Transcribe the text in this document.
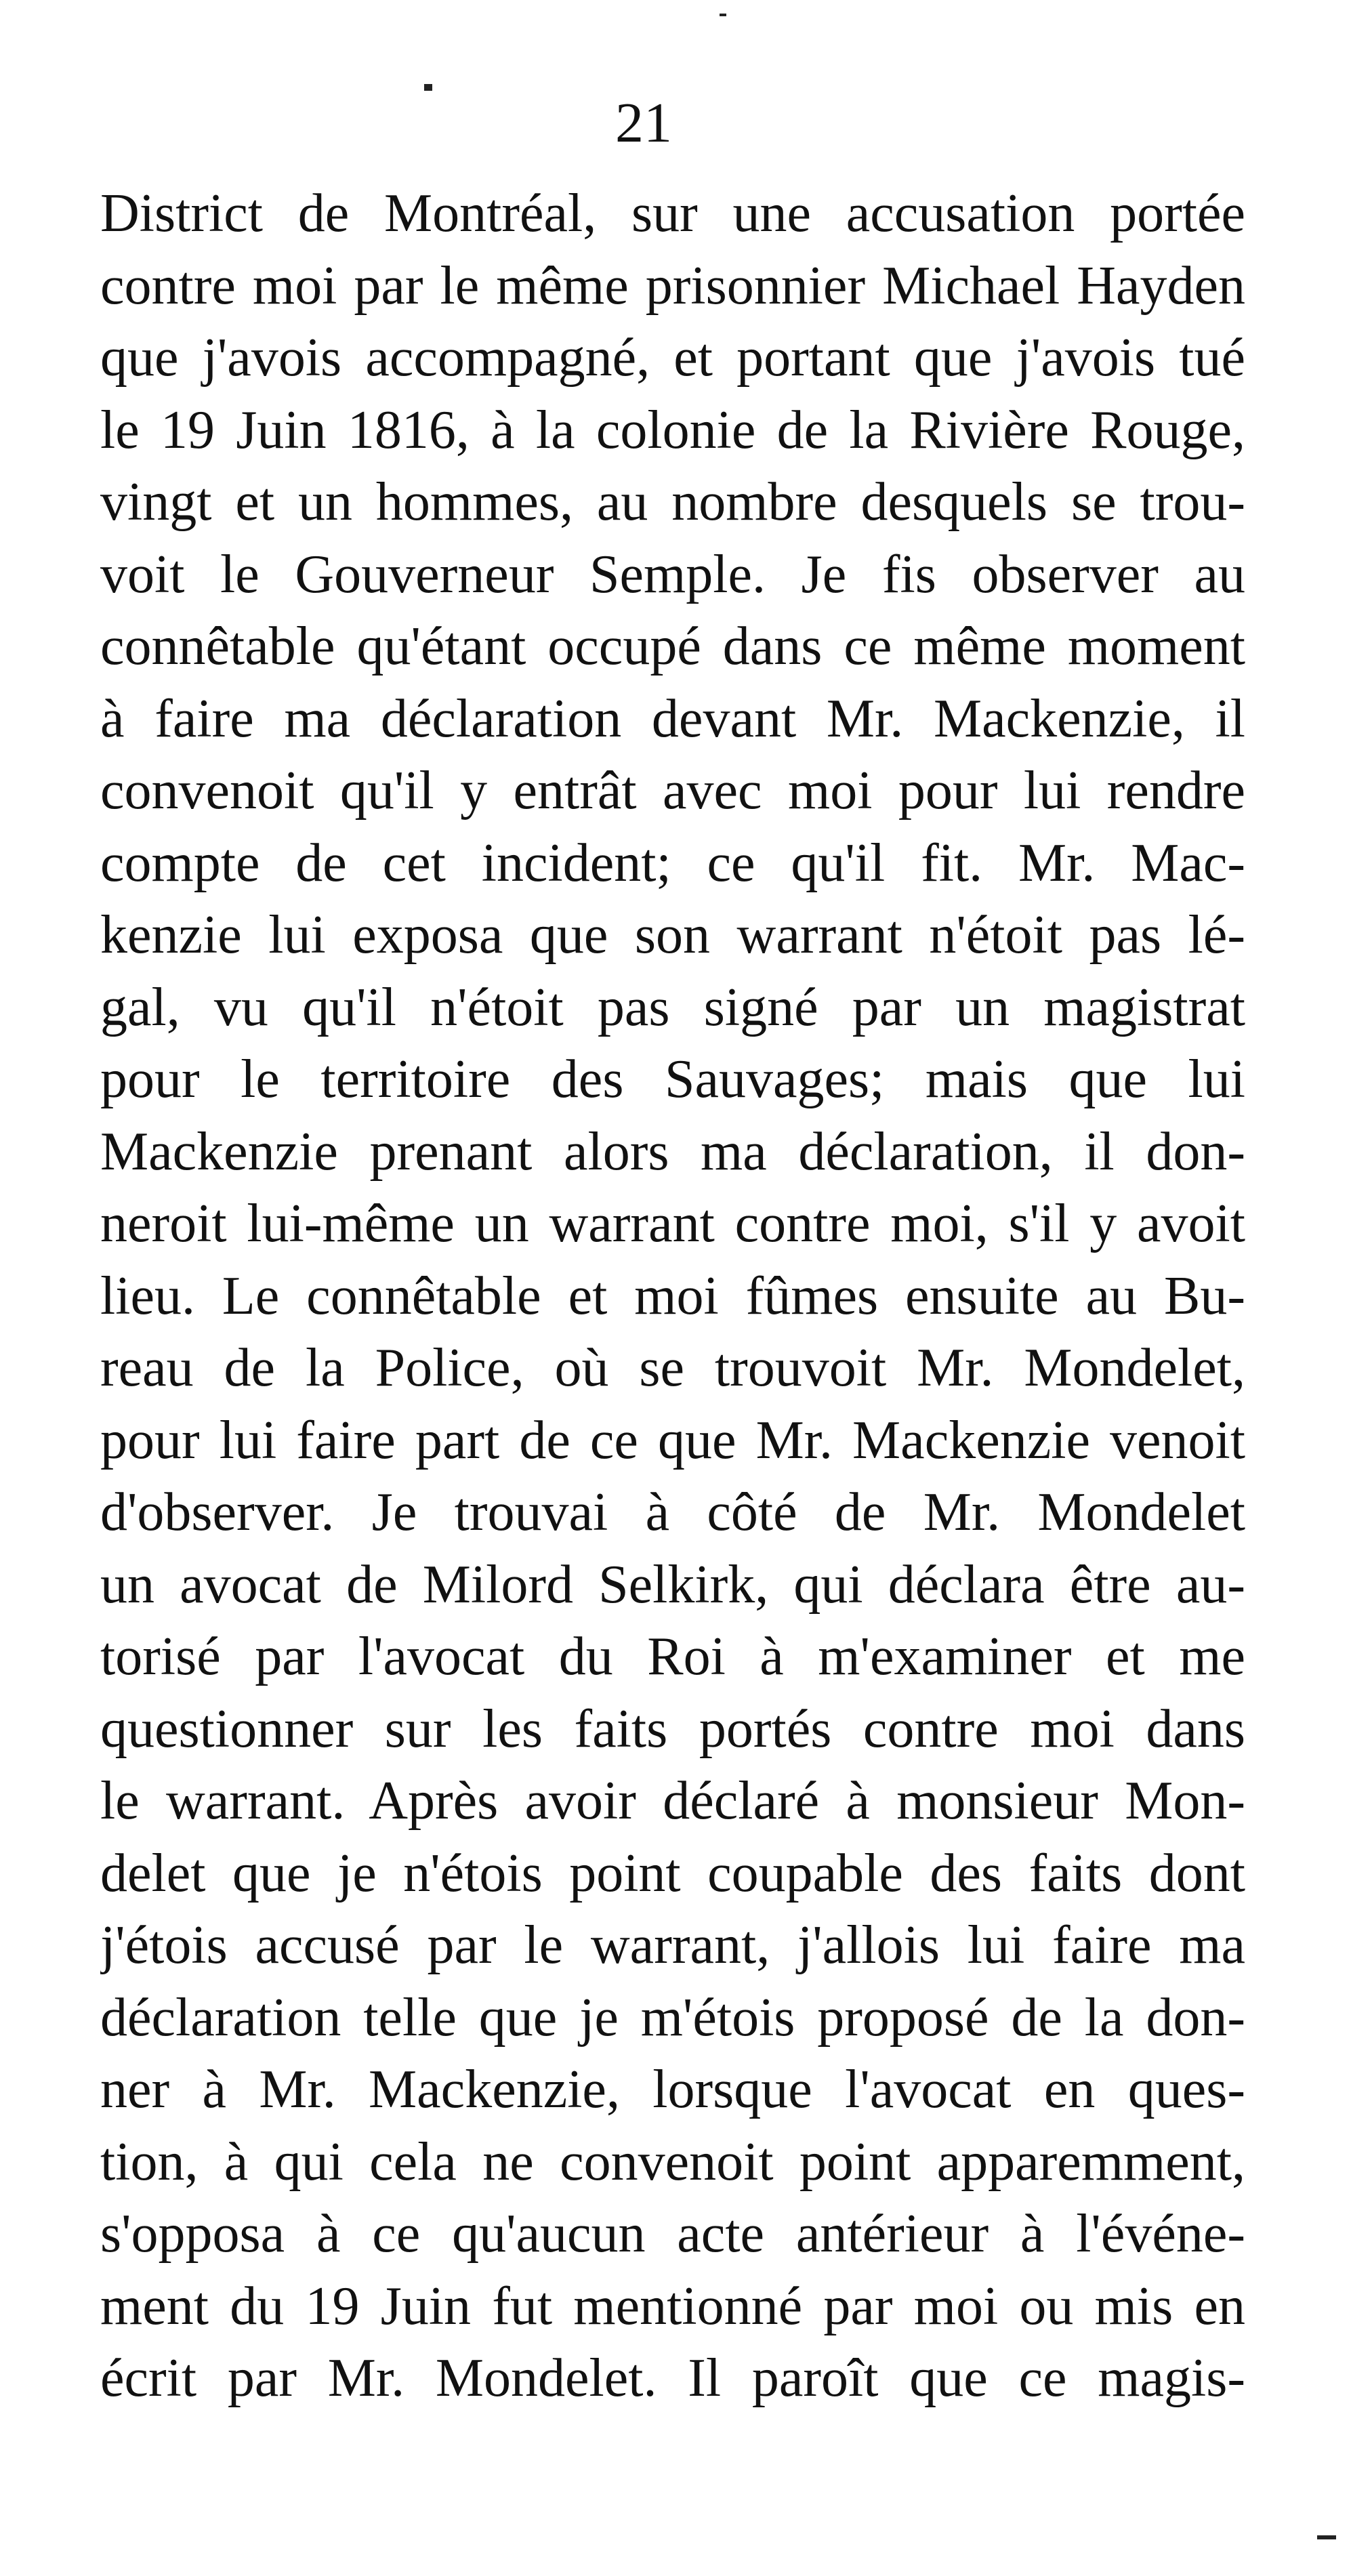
21
District de Montréal, sur une accusation portée
contre moi par le même prisonnier Michael Hayden
que j'avois accompagné, et portant que j'avois tué
le 19 Juin 1816, à la colonie de la Rivière Rouge,
vingt et un hommes, au nombre desquels se trou-
voit le Gouverneur Semple. Je fis observer au
connêtable qu'étant occupé dans ce même moment
à faire ma déclaration devant Mr. Mackenzie, il
convenoit qu'il y entrât avec moi pour lui rendre
compte de cet incident; ce qu'il fit. Mr. Mac-
kenzie lui exposa que son warrant n'étoit pas lé-
gal, vu qu'il n'étoit pas signé par un magistrat
pour le territoire des Sauvages; mais que lui
Mackenzie prenant alors ma déclaration, il don-
neroit lui-même un warrant contre moi, s'il y avoit
lieu. Le connêtable et moi fûmes ensuite au Bu-
reau de la Police, où se trouvoit Mr. Mondelet,
pour lui faire part de ce que Mr. Mackenzie venoit
d'observer. Je trouvai à côté de Mr. Mondelet
un avocat de Milord Selkirk, qui déclara être au-
torisé par l'avocat du Roi à m'examiner et me
questionner sur les faits portés contre moi dans
le warrant. Après avoir déclaré à monsieur Mon-
delet que je n'étois point coupable des faits dont
j'étois accusé par le warrant, j'allois lui faire ma
déclaration telle que je m'étois proposé de la don-
ner à Mr. Mackenzie, lorsque l'avocat en ques-
tion, à qui cela ne convenoit point apparemment,
s'opposa à ce qu'aucun acte antérieur à l'événe-
ment du 19 Juin fut mentionné par moi ou mis en
écrit par Mr. Mondelet. Il paroît que ce magis-
